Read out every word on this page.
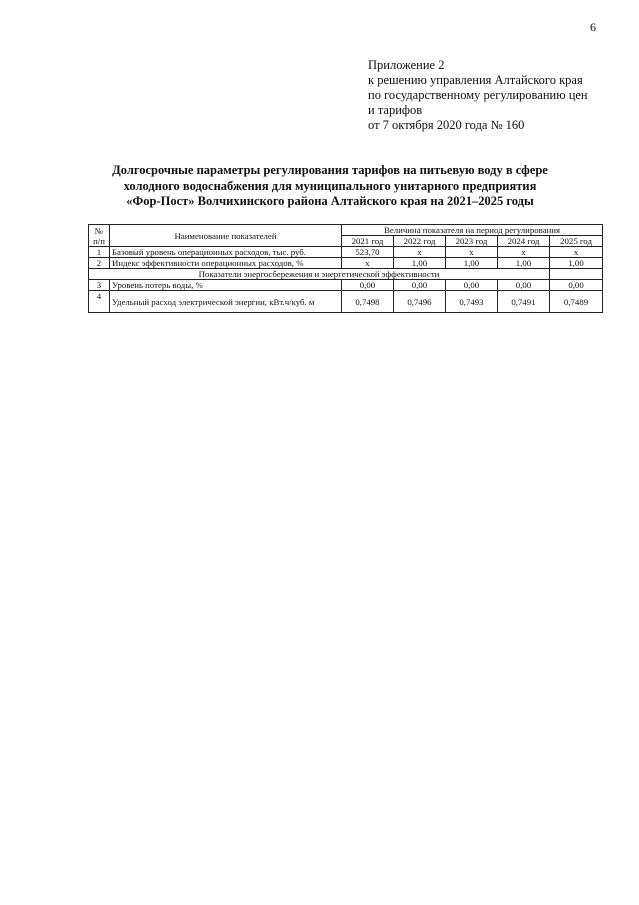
6
Приложение 2
к решению управления Алтайского края
по государственному регулированию цен
и тарифов
от 7 октября 2020 года № 160
Долгосрочные параметры регулирования тарифов на питьевую воду в сфере
холодного водоснабжения для муниципального унитарного предприятия
«Фор-Пост» Волчихинского района Алтайского края на 2021–2025 годы
№ п/п	Наименование показателей	Величина показателя на период регулирования				
		2021 год	2022 год	2023 год	2024 год	2025 год
1	Базовый уровень операционных расходов, тыс. руб.	523,70	х	х	х	х
2	Индекс эффективности операционных расходов, %	х	1,00	1,00	1,00	1,00
Показатели энергосбережения и энергетической эффективности						
3	Уровень потерь воды, %	0,00	0,00	0,00	0,00	0,00
4	Удельный расход электрической энергии, кВт.ч/куб. м	0,7498	0,7496	0,7493	0,7491	0,7489
